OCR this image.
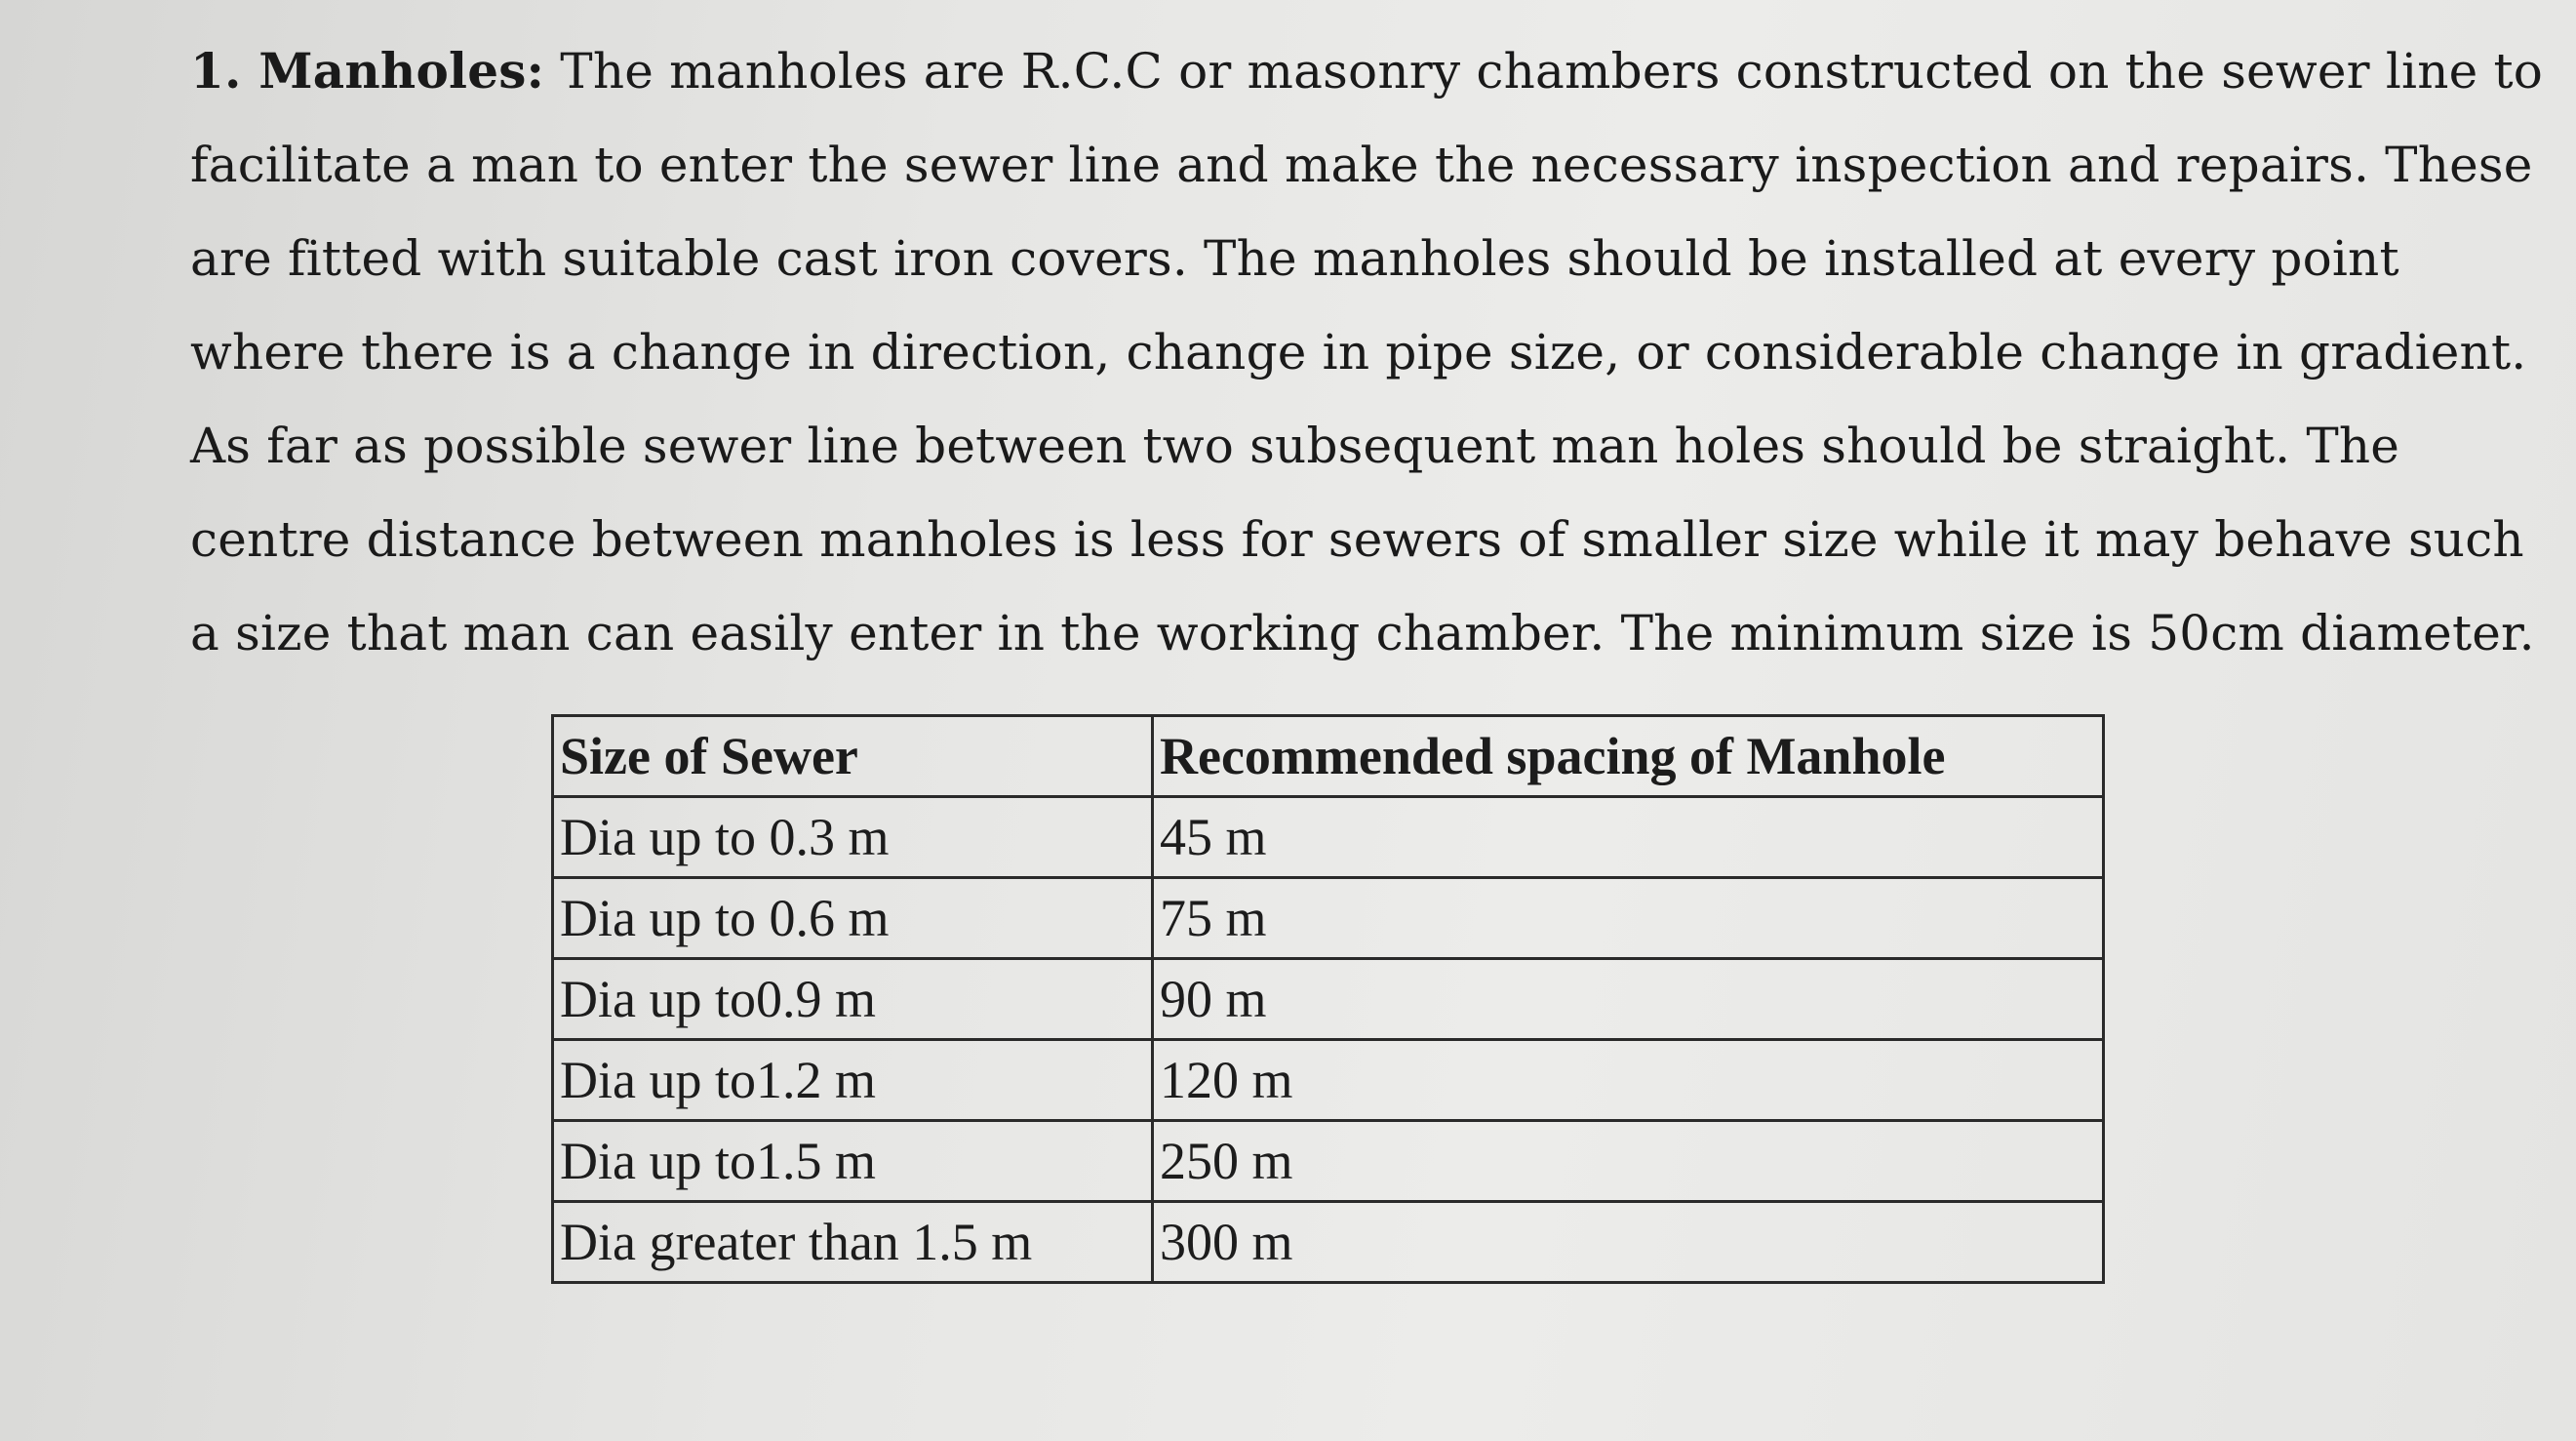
1. Manholes: The manholes are R.C.C or masonry chambers constructed on the sewer line to
facilitate a man to enter the sewer line and make the necessary inspection and repairs. These
are fitted with suitable cast iron covers. The manholes should be installed at every point
where there is a change in direction, change in pipe size, or considerable change in gradient.
As far as possible sewer line between two subsequent man holes should be straight. The
centre distance between manholes is less for sewers of smaller size while it may behave such
a size that man can easily enter in the working chamber. The minimum size is 50cm diameter.

Size of Sewer	Recommended spacing of Manhole
Dia up to 0.3 m	45 m
Dia up to 0.6 m	75 m
Dia up to0.9 m	90 m
Dia up to1.2 m	120 m
Dia up to1.5 m	250 m
Dia greater than 1.5 m	300 m
